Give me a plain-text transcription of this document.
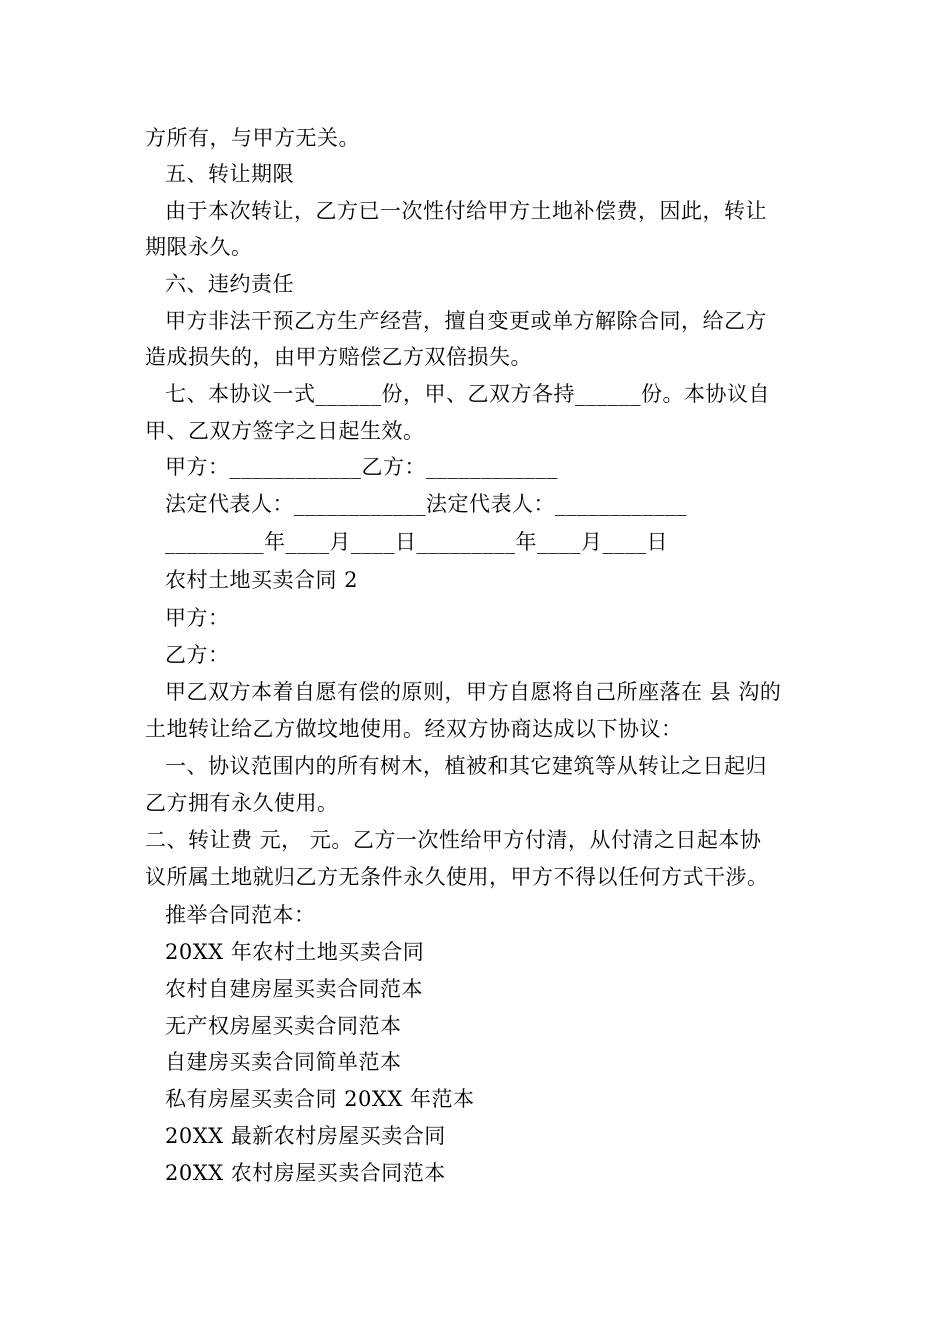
方所有，与甲方无关。
五、转让期限
由于本次转让，乙方已一次性付给甲方土地补偿费，因此，转让
期限永久。
六、违约责任
甲方非法干预乙方生产经营，擅自变更或单方解除合同，给乙方
造成损失的，由甲方赔偿乙方双倍损失。
七、本协议一式______份，甲、乙双方各持______份。本协议自
甲、乙双方签字之日起生效。
甲方：____________乙方：____________
法定代表人：____________法定代表人：____________
_________年____月____日_________年____月____日
农村土地买卖合同 2
甲方：
乙方：
甲乙双方本着自愿有偿的原则，甲方自愿将自己所座落在 县 沟的
土地转让给乙方做坟地使用。经双方协商达成以下协议：
一、协议范围内的所有树木，植被和其它建筑等从转让之日起归
乙方拥有永久使用。
二、转让费 元， 元。乙方一次性给甲方付清，从付清之日起本协
议所属土地就归乙方无条件永久使用，甲方不得以任何方式干涉。
推举合同范本：
20XX 年农村土地买卖合同
农村自建房屋买卖合同范本
无产权房屋买卖合同范本
自建房买卖合同简单范本
私有房屋买卖合同 20XX 年范本
20XX 最新农村房屋买卖合同
20XX 农村房屋买卖合同范本
